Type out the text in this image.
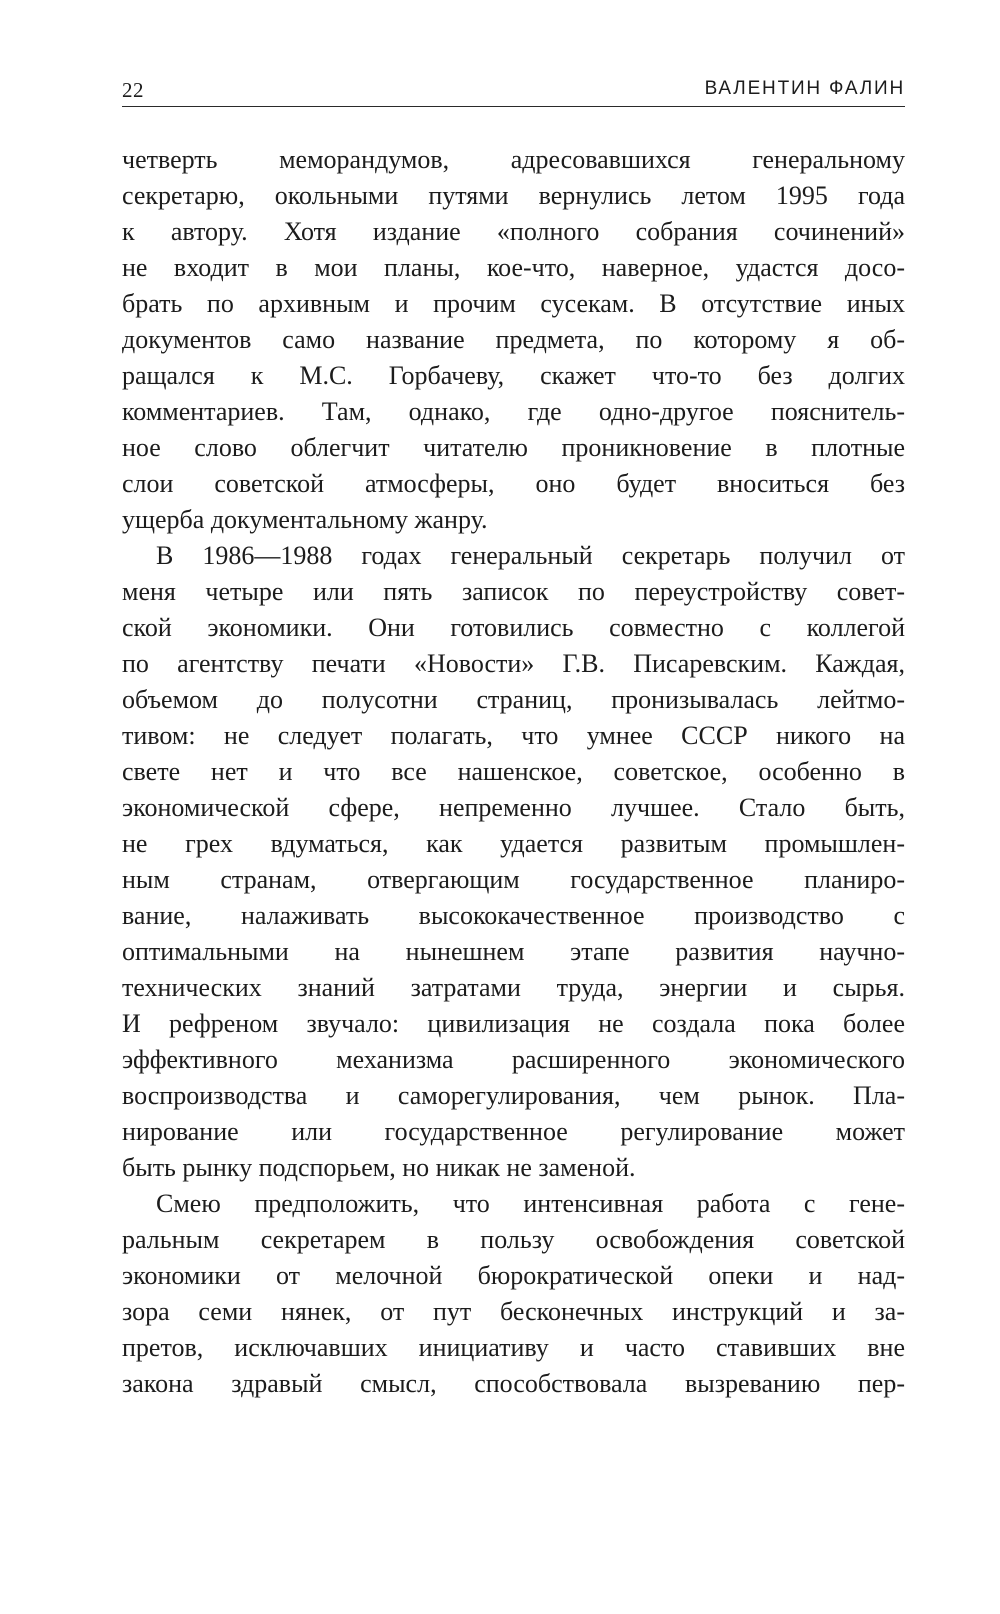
22	ВАЛЕНТИН ФАЛИН
четверть меморандумов, адресовавшихся генеральному
секретарю, окольными путями вернулись летом 1995 года
к автору. Хотя издание «полного собрания сочинений»
не входит в мои планы, кое-что, наверное, удастся досо-
брать по архивным и прочим сусекам. В отсутствие иных
документов само название предмета, по которому я об-
ращался к М.С. Горбачеву, скажет что-то без долгих
комментариев. Там, однако, где одно-другое пояснитель-
ное слово облегчит читателю проникновение в плотные
слои советской атмосферы, оно будет вноситься без
ущерба документальному жанру.
В 1986—1988 годах генеральный секретарь получил от
меня четыре или пять записок по переустройству совет-
ской экономики. Они готовились совместно с коллегой
по агентству печати «Новости» Г.В. Писаревским. Каждая,
объемом до полусотни страниц, пронизывалась лейтмо-
тивом: не следует полагать, что умнее СССР никого на
свете нет и что все нашенское, советское, особенно в
экономической сфере, непременно лучшее. Стало быть,
не грех вдуматься, как удается развитым промышлен-
ным странам, отвергающим государственное планиро-
вание, налаживать высококачественное производство с
оптимальными на нынешнем этапе развития научно-
технических знаний затратами труда, энергии и сырья.
И рефреном звучало: цивилизация не создала пока более
эффективного механизма расширенного экономического
воспроизводства и саморегулирования, чем рынок. Пла-
нирование или государственное регулирование может
быть рынку подспорьем, но никак не заменой.
Смею предположить, что интенсивная работа с гене-
ральным секретарем в пользу освобождения советской
экономики от мелочной бюрократической опеки и над-
зора семи нянек, от пут бесконечных инструкций и за-
претов, исключавших инициативу и часто ставивших вне
закона здравый смысл, способствовала вызреванию пер-
